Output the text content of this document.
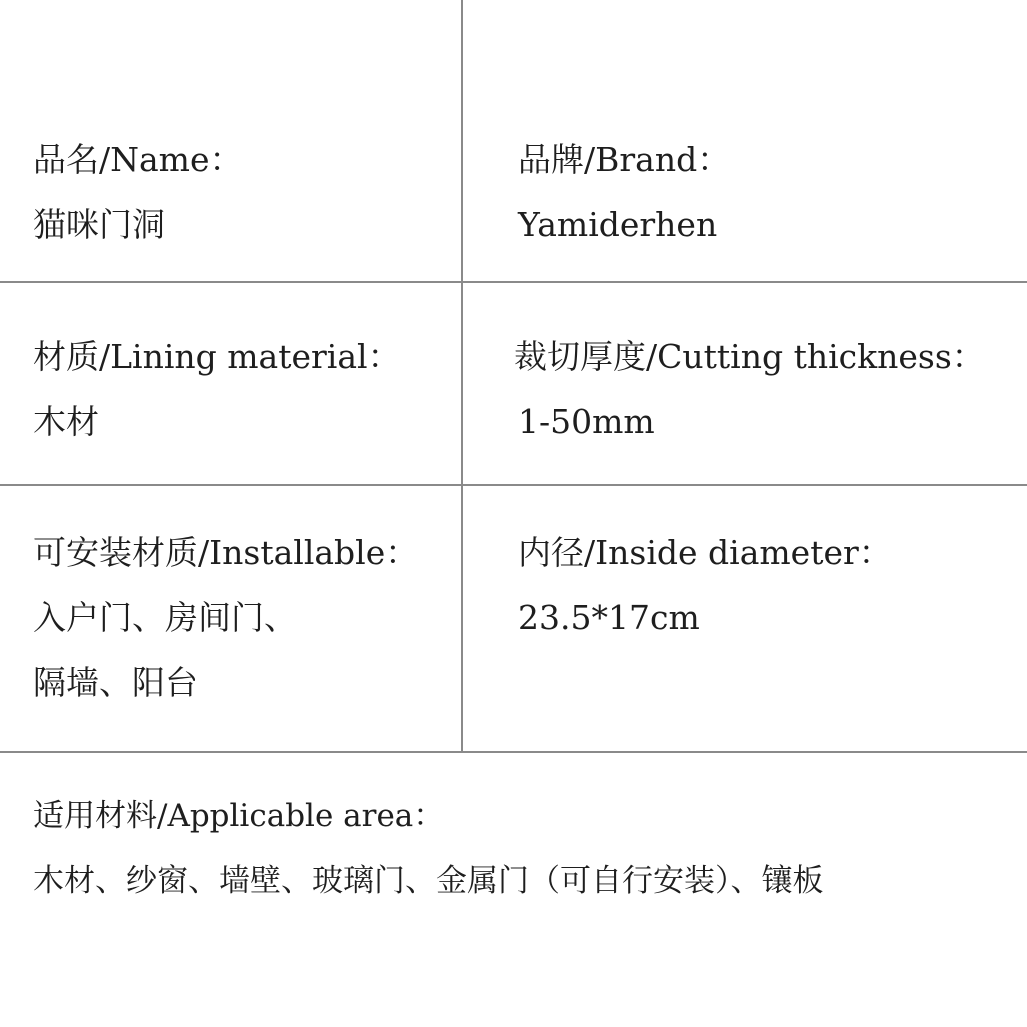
品名/Name：
猫咪门洞
品牌/Brand：
Yamiderhen
材质/Lining material：
木材
裁切厚度/Cutting thickness：
1-50mm
可安装材质/Installable：
入户门、房间门、
隔墙、阳台
内径/Inside diameter：
23.5*17cm
适用材料/Applicable area：
木材、纱窗、墙壁、玻璃门、金属门（可自行安装）、镶板
